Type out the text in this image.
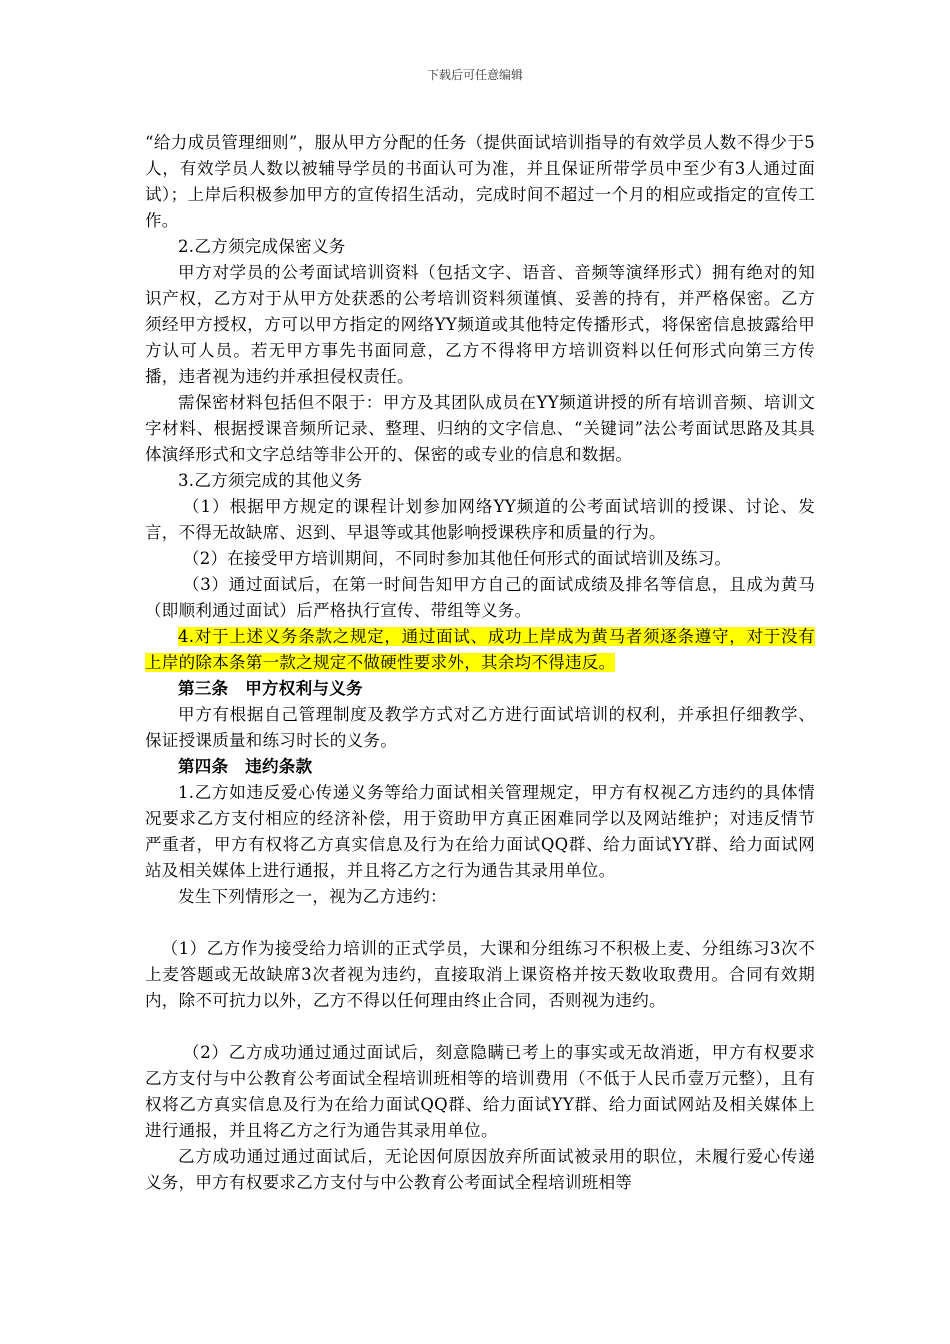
下载后可任意编辑

“给力成员管理细则”，服从甲方分配的任务（提供面试培训指导的有效学员人数不得少于5人，有效学员人数以被辅导学员的书面认可为准，并且保证所带学员中至少有3人通过面试）；上岸后积极参加甲方的宣传招生活动，完成时间不超过一个月的相应或指定的宣传工作。

2.乙方须完成保密义务

甲方对学员的公考面试培训资料（包括文字、语音、音频等演绎形式）拥有绝对的知识产权，乙方对于从甲方处获悉的公考培训资料须谨慎、妥善的持有，并严格保密。乙方须经甲方授权，方可以甲方指定的网络YY频道或其他特定传播形式，将保密信息披露给甲方认可人员。若无甲方事先书面同意，乙方不得将甲方培训资料以任何形式向第三方传播，违者视为违约并承担侵权责任。

需保密材料包括但不限于：甲方及其团队成员在YY频道讲授的所有培训音频、培训文字材料、根据授课音频所记录、整理、归纳的文字信息、“关键词”法公考面试思路及其具体演绎形式和文字总结等非公开的、保密的或专业的信息和数据。

3.乙方须完成的其他义务

（1）根据甲方规定的课程计划参加网络YY频道的公考面试培训的授课、讨论、发言，不得无故缺席、迟到、早退等或其他影响授课秩序和质量的行为。

（2）在接受甲方培训期间，不同时参加其他任何形式的面试培训及练习。

（3）通过面试后，在第一时间告知甲方自己的面试成绩及排名等信息，且成为黄马（即顺利通过面试）后严格执行宣传、带组等义务。

4.对于上述义务条款之规定，通过面试、成功上岸成为黄马者须逐条遵守，对于没有上岸的除本条第一款之规定不做硬性要求外，其余均不得违反。

第三条　甲方权利与义务

甲方有根据自己管理制度及教学方式对乙方进行面试培训的权利，并承担仔细教学、保证授课质量和练习时长的义务。

第四条　违约条款

1.乙方如违反爱心传递义务等给力面试相关管理规定，甲方有权视乙方违约的具体情况要求乙方支付相应的经济补偿，用于资助甲方真正困难同学以及网站维护；对违反情节严重者，甲方有权将乙方真实信息及行为在给力面试QQ群、给力面试YY群、给力面试网站及相关媒体上进行通报，并且将乙方之行为通告其录用单位。

发生下列情形之一，视为乙方违约：

（1）乙方作为接受给力培训的正式学员，大课和分组练习不积极上麦、分组练习3次不上麦答题或无故缺席3次者视为违约，直接取消上课资格并按天数收取费用。合同有效期内，除不可抗力以外，乙方不得以任何理由终止合同，否则视为违约。

（2）乙方成功通过通过面试后，刻意隐瞒已考上的事实或无故消逝，甲方有权要求乙方支付与中公教育公考面试全程培训班相等的培训费用（不低于人民币壹万元整），且有权将乙方真实信息及行为在给力面试QQ群、给力面试YY群、给力面试网站及相关媒体上进行通报，并且将乙方之行为通告其录用单位。

乙方成功通过通过面试后，无论因何原因放弃所面试被录用的职位，未履行爱心传递义务，甲方有权要求乙方支付与中公教育公考面试全程培训班相等
